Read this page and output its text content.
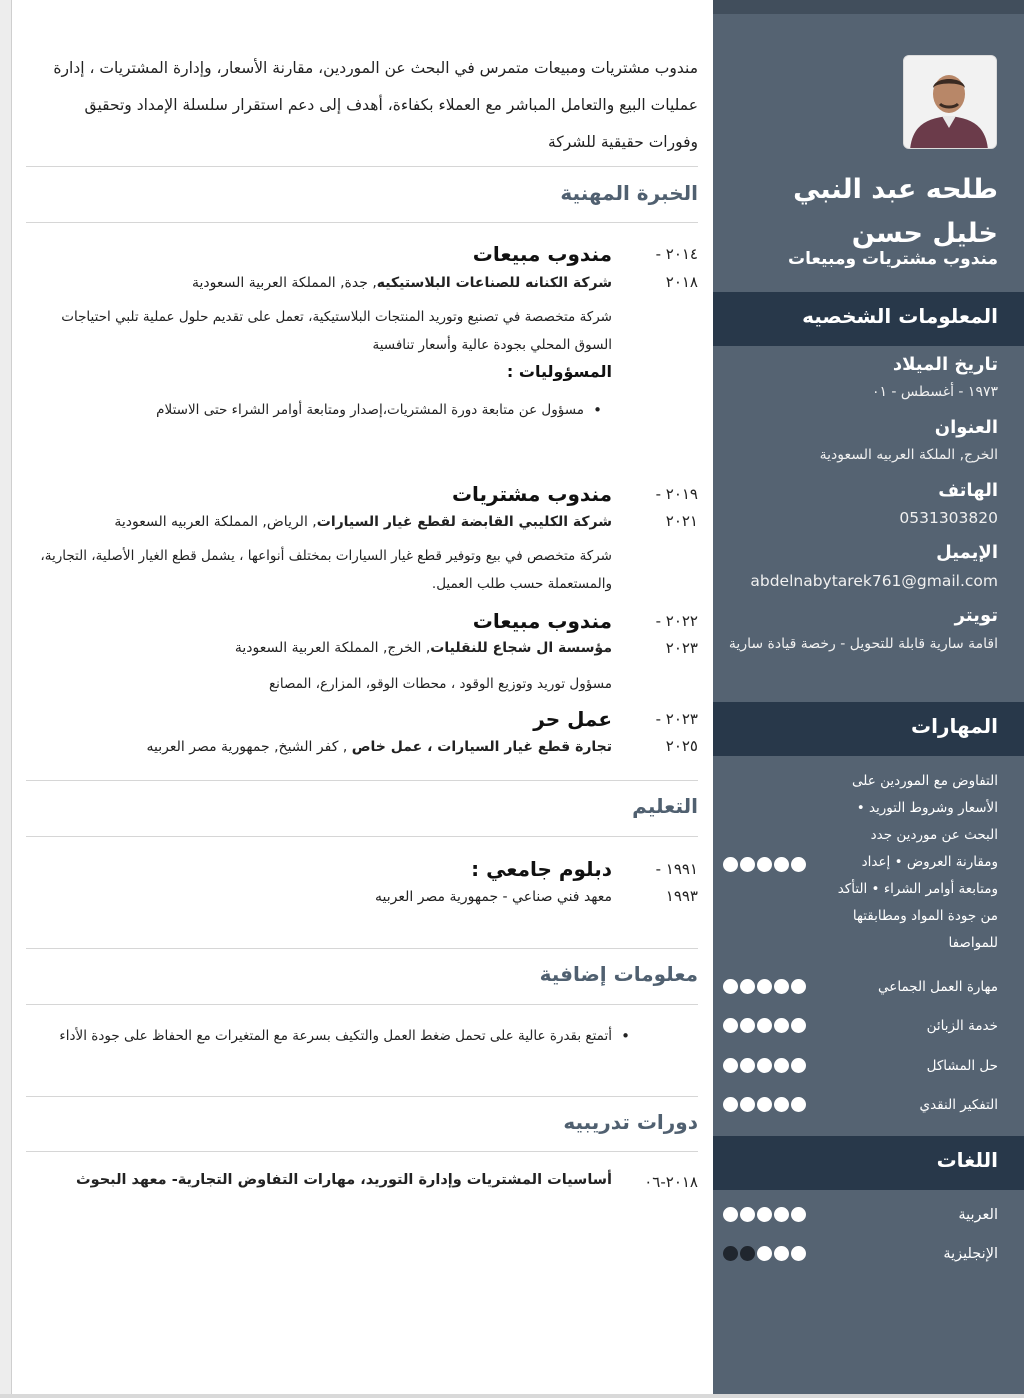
طلحه عبد النبي خليل حسن
مندوب مشتريات ومبيعات
المعلومات الشخصيه
تاريخ الميلاد
١٩٧٣ - أغسطس - ٠١
العنوان
الخرج, الملكة العربيه السعودية
الهاتف
0531303820
الإيميل
abdelnabytarek761@gmail.com
تويتر
اقامة سارية قابلة للتحويل - رخصة قيادة سارية
المهارات
التفاوض مع الموردين على الأسعار وشروط التوريد • البحث عن موردين جدد ومقارنة العروض • إعداد ومتابعة أوامر الشراء • التأكد من جودة المواد ومطابقتها للمواصفا
مهارة العمل الجماعي
خدمة الزبائن
حل المشاكل
التفكير النقدي
اللغات
العربية
الإنجليزية
مندوب مشتريات ومبيعات متمرس في البحث عن الموردين، مقارنة الأسعار، وإدارة المشتريات ، إدارة عمليات البيع والتعامل المباشر مع العملاء بكفاءة، أهدف إلى دعم استقرار سلسلة الإمداد وتحقيق وفورات حقيقية للشركة
الخبرة المهنية
٢٠١٤ -
٢٠١٨
مندوب مبيعات
شركة الكنانه للصناعات البلاستيكيه, جدة, المملكة العربية السعودية
شركة متخصصة في تصنيع وتوريد المنتجات البلاستيكية، تعمل على تقديم حلول عملية تلبي احتياجات السوق المحلي بجودة عالية وأسعار تنافسية
المسؤوليات :
• مسؤول عن متابعة دورة المشتريات،إصدار ومتابعة أوامر الشراء حتى الاستلام
٢٠١٩ -
٢٠٢١
مندوب مشتريات
شركة الكليبي القابضة لقطع غيار السيارات, الرياض, المملكة العربيه السعودية
شركة متخصص في بيع وتوفير قطع غيار السيارات بمختلف أنواعها ، يشمل قطع الغيار الأصلية، التجارية، والمستعملة حسب طلب العميل.
٢٠٢٢ -
٢٠٢٣
مندوب مبيعات
مؤسسة ال شجاع للنقليات, الخرج, المملكة العربية السعودية
مسؤول توريد وتوزيع الوقود ، محطات الوقو، المزارع، المصانع
٢٠٢٣ -
٢٠٢٥
عمل حر
تجارة قطع غيار السيارات ، عمل خاص , كفر الشيخ, جمهورية مصر العربيه
التعليم
١٩٩١ -
١٩٩٣
دبلوم جامعي :
معهد فني صناعي - جمهورية مصر العربيه
معلومات إضافية
• أتمتع بقدرة عالية على تحمل ضغط العمل والتكيف بسرعة مع المتغيرات مع الحفاظ على جودة الأداء
دورات تدريبيه
٢٠١٨-٠٦
أساسيات المشتريات وإدارة التوريد، مهارات التفاوض التجارية- معهد البحوث
